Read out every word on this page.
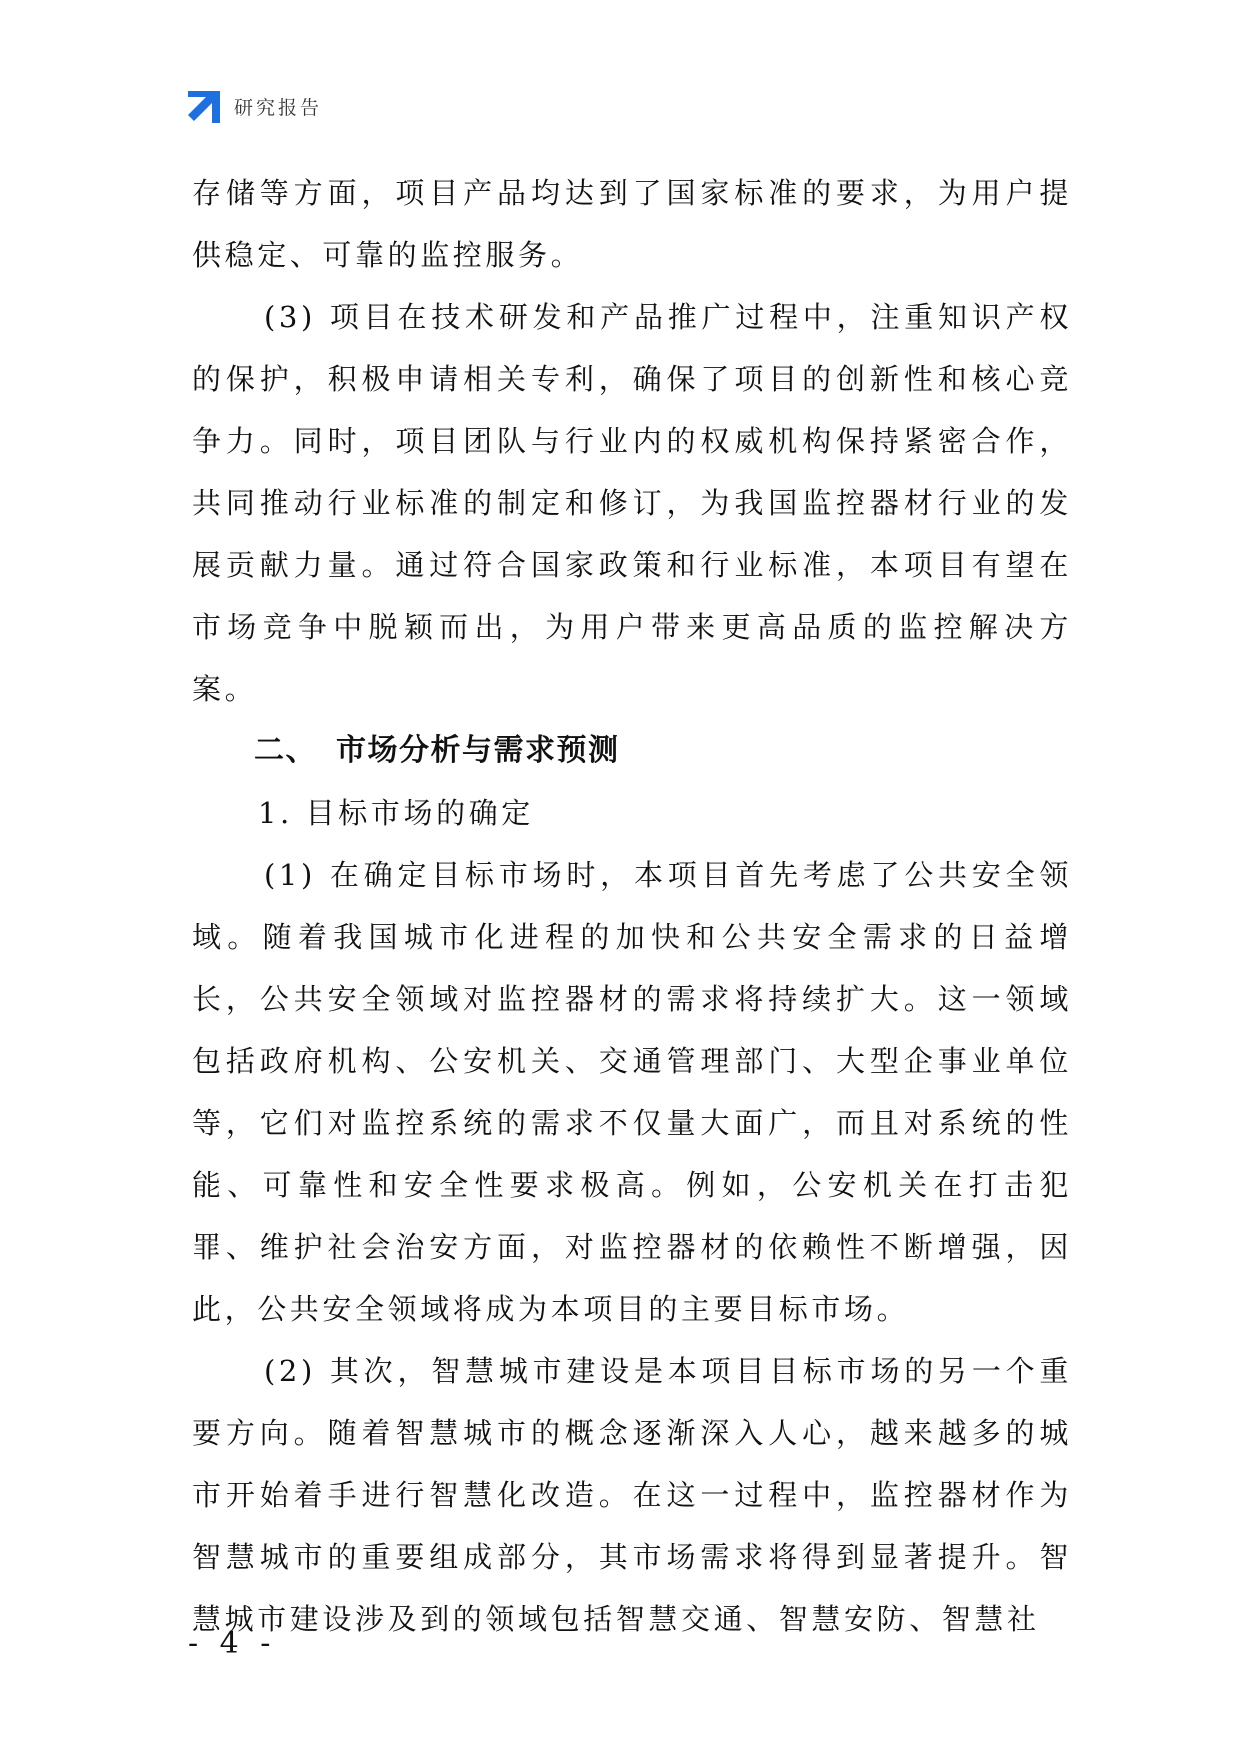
研究报告

存储等方面，项目产品均达到了国家标准的要求，为用户提供稳定、可靠的监控服务。

(3) 项目在技术研发和产品推广过程中，注重知识产权的保护，积极申请相关专利，确保了项目的创新性和核心竞争力。同时，项目团队与行业内的权威机构保持紧密合作，共同推动行业标准的制定和修订，为我国监控器材行业的发展贡献力量。通过符合国家政策和行业标准，本项目有望在市场竞争中脱颖而出，为用户带来更高品质的监控解决方案。

二、 市场分析与需求预测

1. 目标市场的确定

(1) 在确定目标市场时，本项目首先考虑了公共安全领域。随着我国城市化进程的加快和公共安全需求的日益增长，公共安全领域对监控器材的需求将持续扩大。这一领域包括政府机构、公安机关、交通管理部门、大型企事业单位等，它们对监控系统的需求不仅量大面广，而且对系统的性能、可靠性和安全性要求极高。例如，公安机关在打击犯罪、维护社会治安方面，对监控器材的依赖性不断增强，因此，公共安全领域将成为本项目的主要目标市场。

(2) 其次，智慧城市建设是本项目目标市场的另一个重要方向。随着智慧城市的概念逐渐深入人心，越来越多的城市开始着手进行智慧化改造。在这一过程中，监控器材作为智慧城市的重要组成部分，其市场需求将得到显著提升。智慧城市建设涉及到的领域包括智慧交通、智慧安防、智慧社

- 4 -
